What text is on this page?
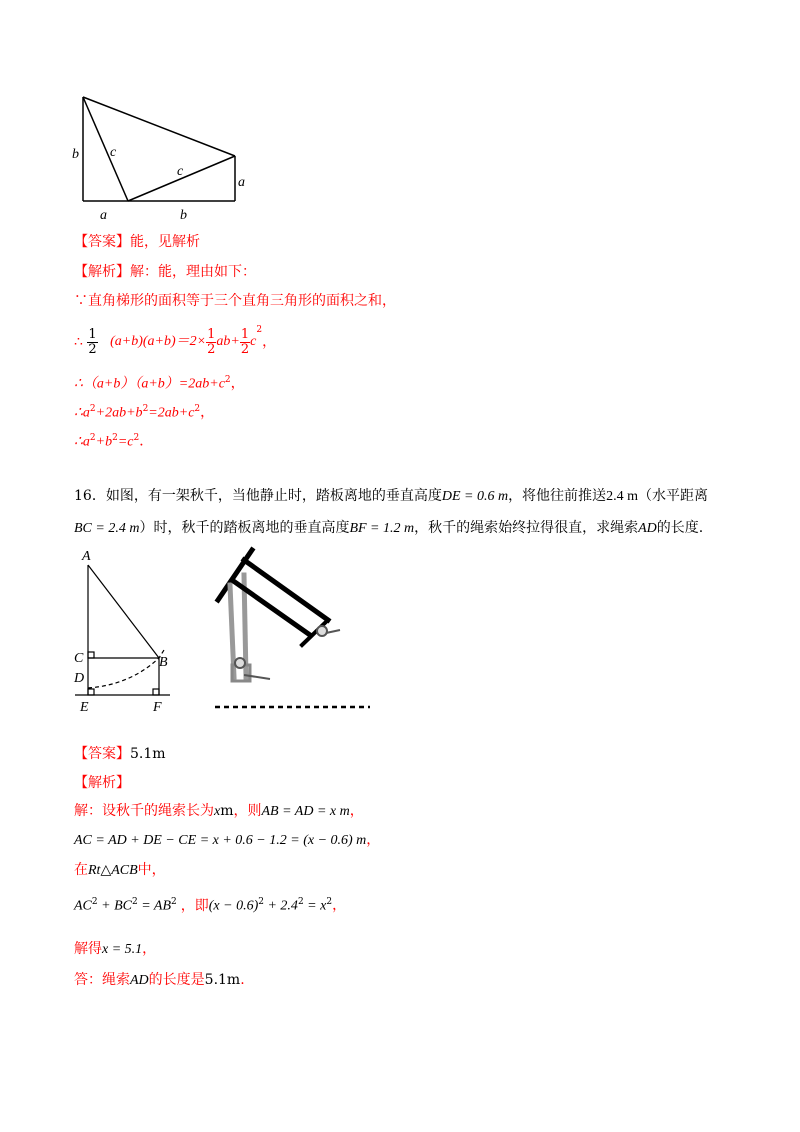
b c
c
a
a	b
【答案】能，见解析
【解析】解：能，理由如下：
∵直角梯形的面积等于三个直角三角形的面积之和，
∴ $\frac{1}{2} (a+b)(a+b)=2\times \frac{1}{2} ab+ \frac{1}{2} c^2$，
$\therefore(a+b)(a+b)=2ab+c^2$，
$\therefore a^2+2ab+b^2=2ab+c^2$，
$\therefore a^2+b^2=c^2$．
16．如图，有一架秋千，当他静止时，踏板离地的垂直高度DE = 0.6 m，将他往前推送2.4 m（水平距离
BC = 2.4 m）时，秋千的踏板离地的垂直高度BF = 1.2 m，秋千的绳索始终拉得很直，求绳索AD的长度.
A
B
C
D
E	F
【答案】5.1m
【解析】
解：设秋千的绳索长为xm，则AB = AD = x m，
AC = AD + DE − CE = x + 0.6 − 1.2 = (x − 0.6) m，
在Rt△ACB中，
$AC^2 + BC^2 = AB^2$ ，即$(x - 0.6)^2 + 2.4^2 = x^2$，
解得x = 5.1，
答：绳索AD的长度是5.1m.
